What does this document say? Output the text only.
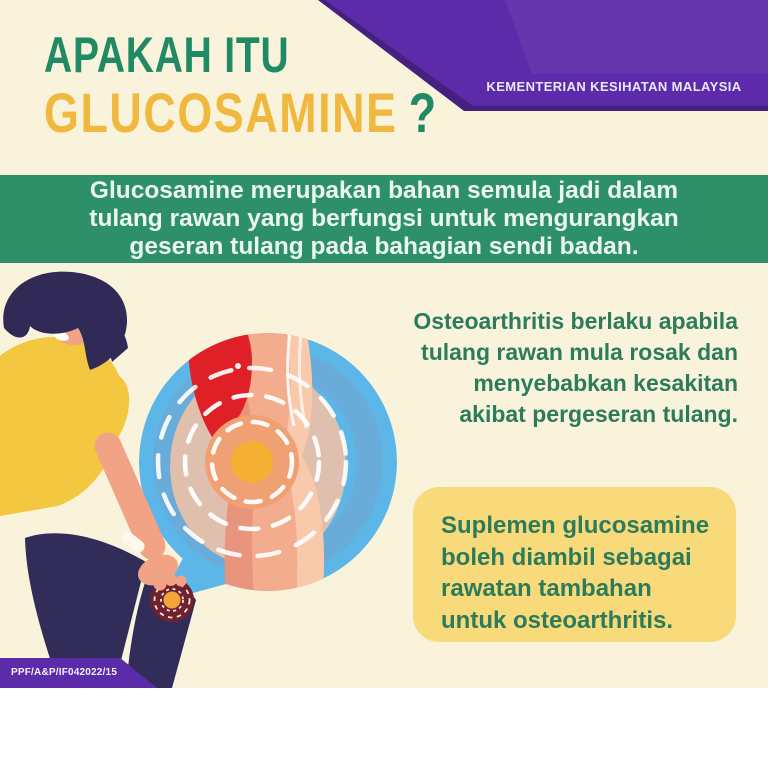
KEMENTERIAN KESIHATAN MALAYSIA
APAKAH ITU
GLUCOSAMINE ?
Glucosamine merupakan bahan semula jadi dalam
tulang rawan yang berfungsi untuk mengurangkan
geseran tulang pada bahagian sendi badan.
Osteoarthritis berlaku apabila
tulang rawan mula rosak dan
menyebabkan kesakitan
akibat pergeseran tulang.
Suplemen glucosamine
boleh diambil sebagai
rawatan tambahan
untuk osteoarthritis.
PPF/A&P/IF042022/15
